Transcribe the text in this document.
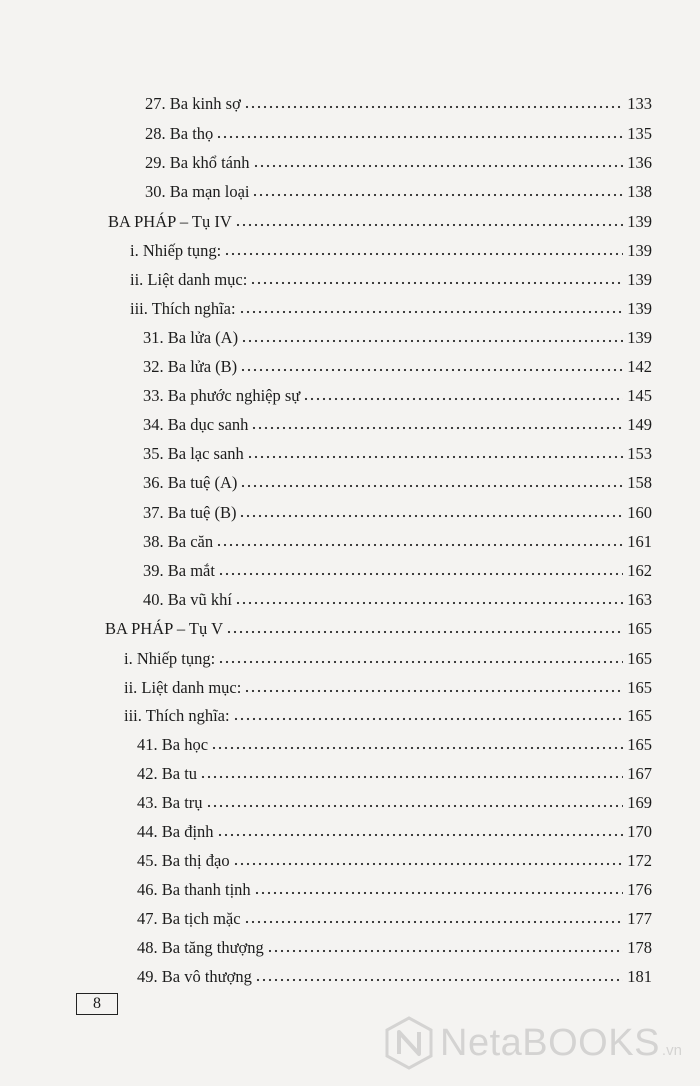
27. Ba kinh sợ	133
28. Ba thọ	135
29. Ba khổ tánh	136
30. Ba mạn loại	138
BA PHÁP – Tụ IV	139
i. Nhiếp tụng:	139
ii. Liệt danh mục:	139
iii. Thích nghĩa:	139
31. Ba lửa (A)	139
32. Ba lửa (B)	142
33. Ba phước nghiệp sự	145
34. Ba dục sanh	149
35. Ba lạc sanh	153
36. Ba tuệ (A)	158
37. Ba tuệ (B)	160
38. Ba căn	161
39. Ba mắt	162
40. Ba vũ khí	163
BA PHÁP – Tụ V	165
i. Nhiếp tụng:	165
ii. Liệt danh mục:	165
iii. Thích nghĩa:	165
41. Ba học	165
42. Ba tu	167
43. Ba trụ	169
44. Ba định	170
45. Ba thị đạo	172
46. Ba thanh tịnh	176
47. Ba tịch mặc	177
48. Ba tăng thượng	178
49. Ba vô thượng	181
8
NetaBOOKS .vn
